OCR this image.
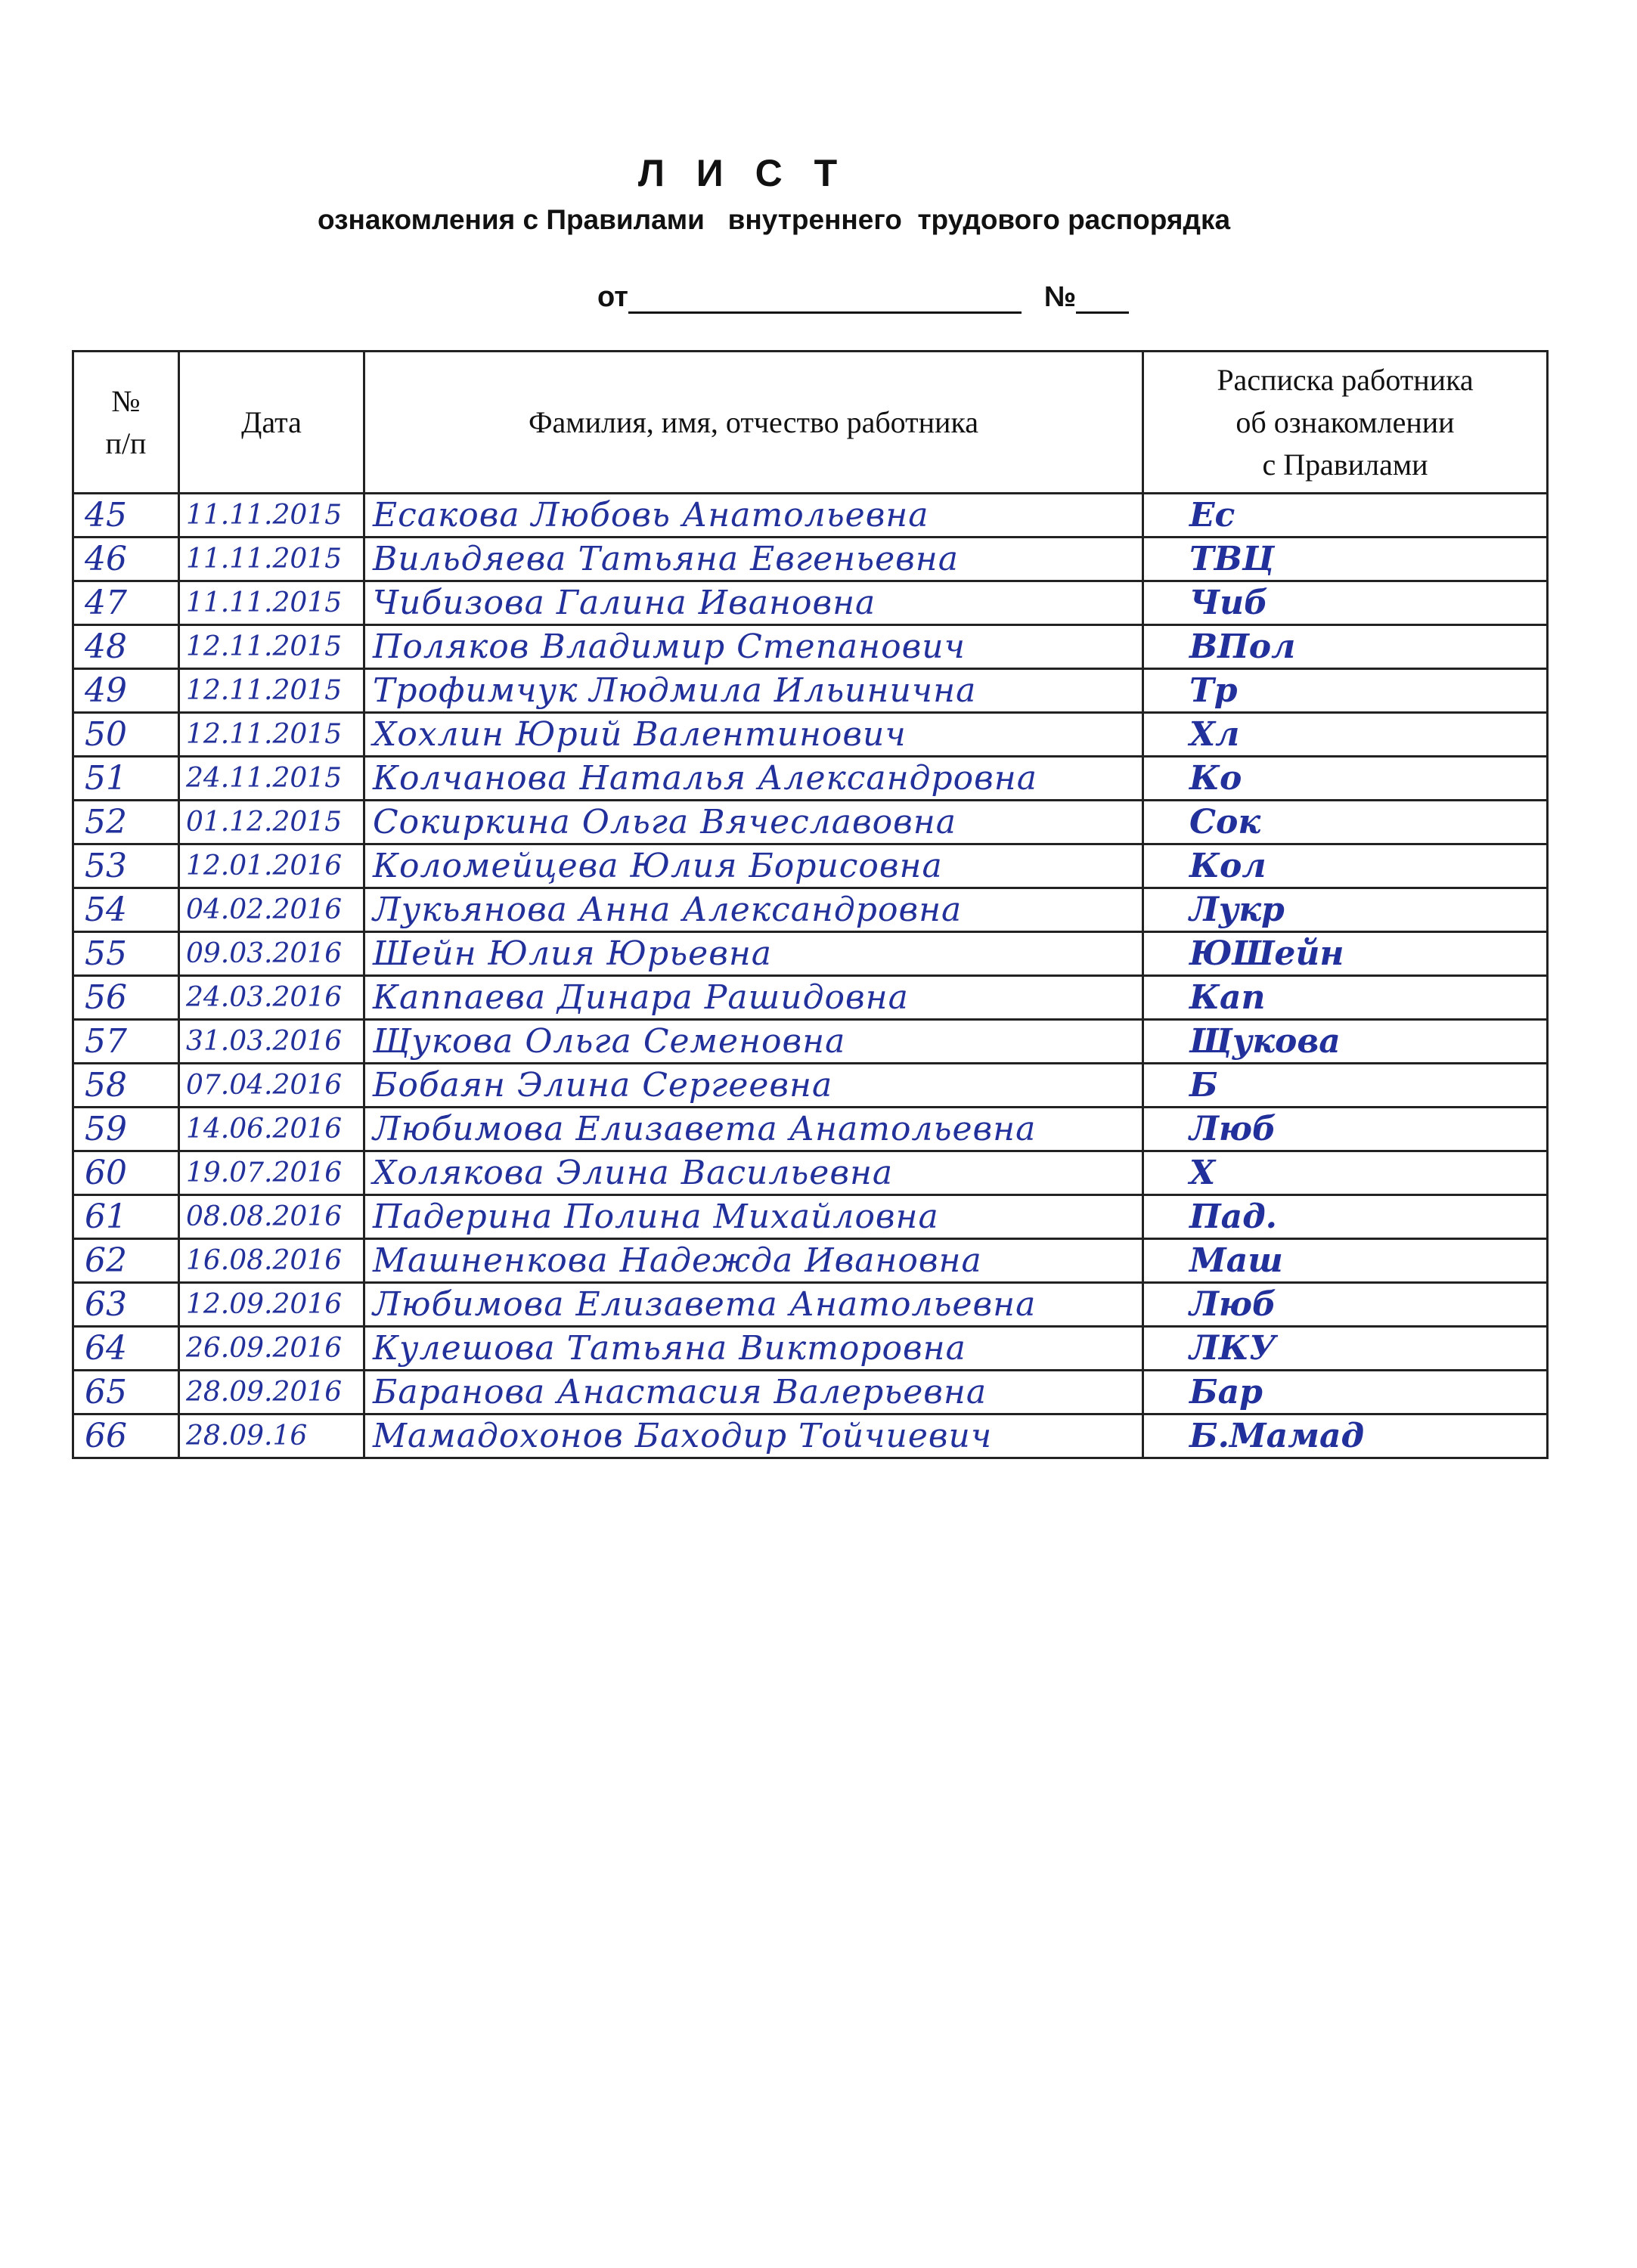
Л И С Т
ознакомления с Правилами   внутреннего  трудового распорядка
от	№
№
п/п	Дата	Фамилия, имя, отчество работника	Расписка работника
об ознакомлении
с Правилами
45	11.11.2015	Есакова Любовь Анатольевна	Ес
46	11.11.2015	Вильдяева Татьяна Евгеньевна	ТВЦ
47	11.11.2015	Чибизова Галина Ивановна	Чиб
48	12.11.2015	Поляков Владимир Степанович	ВПол
49	12.11.2015	Трофимчук Людмила Ильинична	Тр
50	12.11.2015	Хохлин Юрий Валентинович	Хл
51	24.11.2015	Колчанова Наталья Александровна	Ко
52	01.12.2015	Сокиркина Ольга Вячеславовна	Сок
53	12.01.2016	Коломейцева Юлия Борисовна	Кол
54	04.02.2016	Лукьянова Анна Александровна	Лукр
55	09.03.2016	Шейн Юлия Юрьевна	ЮШейн
56	24.03.2016	Каппаева Динара Рашидовна	Кап
57	31.03.2016	Щукова Ольга Семеновна	Щукова
58	07.04.2016	Бобаян Элина Сергеевна	Б
59	14.06.2016	Любимова Елизавета Анатольевна	Люб
60	19.07.2016	Холякова Элина Васильевна	Х
61	08.08.2016	Падерина Полина Михайловна	Пад.
62	16.08.2016	Машненкова Надежда Ивановна	Маш
63	12.09.2016	Любимова Елизавета Анатольевна	Люб
64	26.09.2016	Кулешова Татьяна Викторовна	ЛКУ
65	28.09.2016	Баранова Анастасия Валерьевна	Бар
66	28.09.16	Мамадохонов Баходир Тойчиевич	Б.Мамад
